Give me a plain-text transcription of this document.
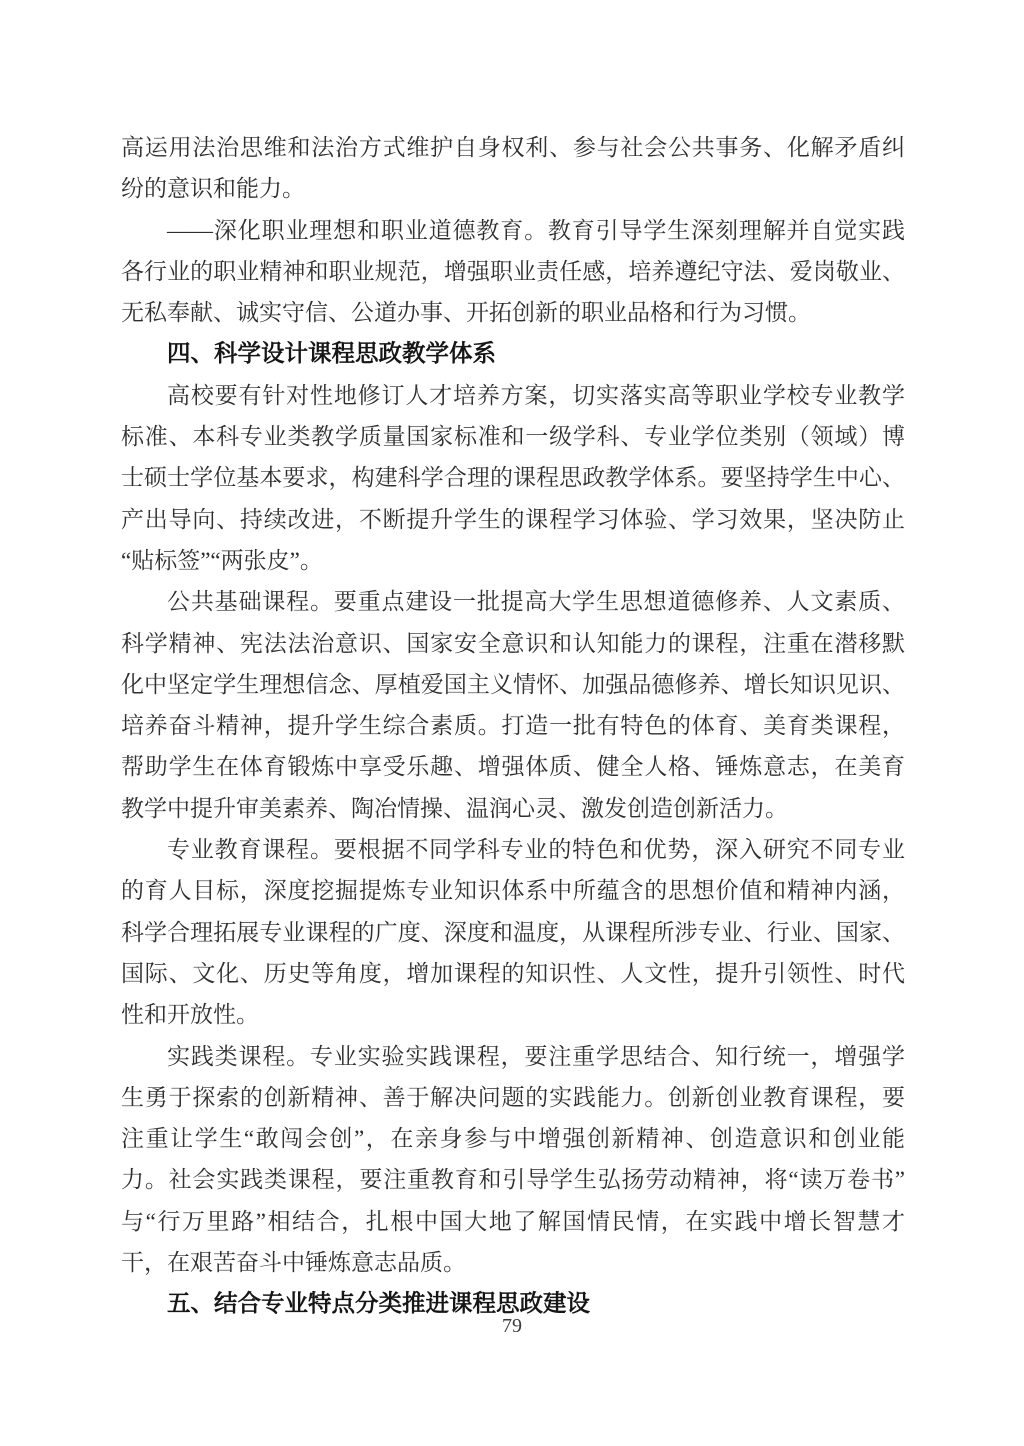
高运用法治思维和法治方式维护自身权利、参与社会公共事务、化解矛盾纠
纷的意识和能力。
——深化职业理想和职业道德教育。教育引导学生深刻理解并自觉实践
各行业的职业精神和职业规范，增强职业责任感，培养遵纪守法、爱岗敬业、
无私奉献、诚实守信、公道办事、开拓创新的职业品格和行为习惯。
四、科学设计课程思政教学体系
高校要有针对性地修订人才培养方案，切实落实高等职业学校专业教学
标准、本科专业类教学质量国家标准和一级学科、专业学位类别（领域）博
士硕士学位基本要求，构建科学合理的课程思政教学体系。要坚持学生中心、
产出导向、持续改进，不断提升学生的课程学习体验、学习效果，坚决防止
“贴标签”“两张皮”。
公共基础课程。要重点建设一批提高大学生思想道德修养、人文素质、
科学精神、宪法法治意识、国家安全意识和认知能力的课程，注重在潜移默
化中坚定学生理想信念、厚植爱国主义情怀、加强品德修养、增长知识见识、
培养奋斗精神，提升学生综合素质。打造一批有特色的体育、美育类课程，
帮助学生在体育锻炼中享受乐趣、增强体质、健全人格、锤炼意志，在美育
教学中提升审美素养、陶冶情操、温润心灵、激发创造创新活力。
专业教育课程。要根据不同学科专业的特色和优势，深入研究不同专业
的育人目标，深度挖掘提炼专业知识体系中所蕴含的思想价值和精神内涵，
科学合理拓展专业课程的广度、深度和温度，从课程所涉专业、行业、国家、
国际、文化、历史等角度，增加课程的知识性、人文性，提升引领性、时代
性和开放性。
实践类课程。专业实验实践课程，要注重学思结合、知行统一，增强学
生勇于探索的创新精神、善于解决问题的实践能力。创新创业教育课程，要
注重让学生“敢闯会创”，在亲身参与中增强创新精神、创造意识和创业能
力。社会实践类课程，要注重教育和引导学生弘扬劳动精神，将“读万卷书”
与“行万里路”相结合，扎根中国大地了解国情民情，在实践中增长智慧才
干，在艰苦奋斗中锤炼意志品质。
五、结合专业特点分类推进课程思政建设
79
